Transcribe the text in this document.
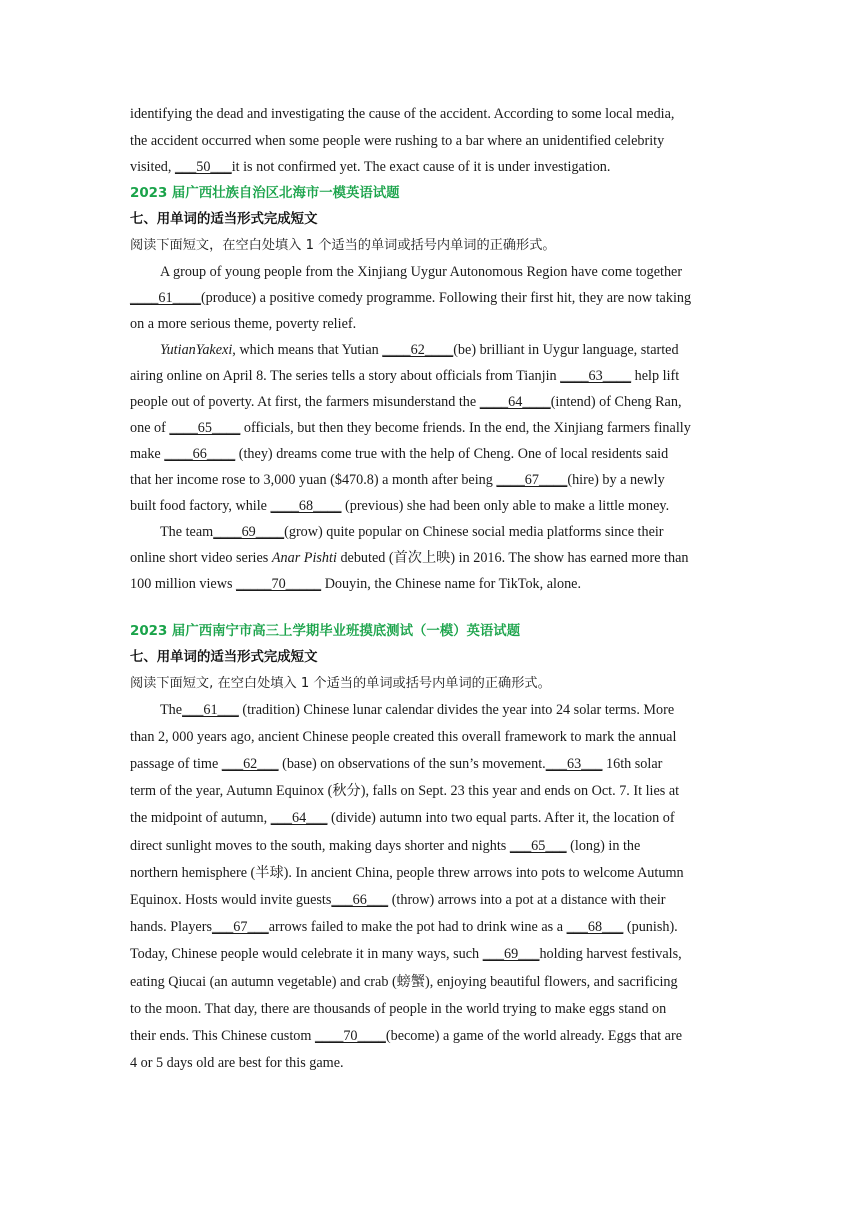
identifying the dead and investigating the cause of the accident. According to some local media,

the accident occurred when some people were rushing to a bar where an unidentified celebrity

visited, ___50___it is not confirmed yet. The exact cause of it is under investigation.

2023 届广西壮族自治区北海市一模英语试题

七、用单词的适当形式完成短文

阅读下面短文，在空白处填入 1 个适当的单词或括号内单词的正确形式。

A group of young people from the Xinjiang Uygur Autonomous Region have come together

____61____(produce) a positive comedy programme. Following their first hit, they are now taking

on a more serious theme, poverty relief.

YutianYakexi, which means that Yutian ____62____(be) brilliant in Uygur language, started

airing online on April 8. The series tells a story about officials from Tianjin ____63____ help lift

people out of poverty. At first, the farmers misunderstand the ____64____(intend) of Cheng Ran,

one of ____65____ officials, but then they become friends. In the end, the Xinjiang farmers finally

make ____66____ (they) dreams come true with the help of Cheng. One of local residents said

that her income rose to 3,000 yuan ($470.8) a month after being ____67____(hire) by a newly

built food factory, while ____68____ (previous) she had been only able to make a little money.

The team____69____(grow) quite popular on Chinese social media platforms since their

online short video series Anar Pishti debuted (首次上映) in 2016. The show has earned more than

100 million views _____70_____ Douyin, the Chinese name for TikTok, alone.

2023 届广西南宁市高三上学期毕业班摸底测试（一模）英语试题

七、用单词的适当形式完成短文

阅读下面短文, 在空白处填入 1 个适当的单词或括号内单词的正确形式。

The___61___ (tradition) Chinese lunar calendar divides the year into 24 solar terms. More

than 2, 000 years ago, ancient Chinese people created this overall framework to mark the annual

passage of time ___62___ (base) on observations of the sun’s movement.___63___ 16th solar

term of the year, Autumn Equinox (秋分), falls on Sept. 23 this year and ends on Oct. 7. It lies at

the midpoint of autumn, ___64___ (divide) autumn into two equal parts. After it, the location of

direct sunlight moves to the south, making days shorter and nights ___65___ (long) in the

northern hemisphere (半球). In ancient China, people threw arrows into pots to welcome Autumn

Equinox. Hosts would invite guests___66___ (throw) arrows into a pot at a distance with their

hands. Players___67___arrows failed to make the pot had to drink wine as a ___68___ (punish).

Today, Chinese people would celebrate it in many ways, such ___69___holding harvest festivals,

eating Qiucai (an autumn vegetable) and crab (螃蟹), enjoying beautiful flowers, and sacrificing

to the moon. That day, there are thousands of people in the world trying to make eggs stand on

their ends. This Chinese custom ____70____(become) a game of the world already. Eggs that are

4 or 5 days old are best for this game.
